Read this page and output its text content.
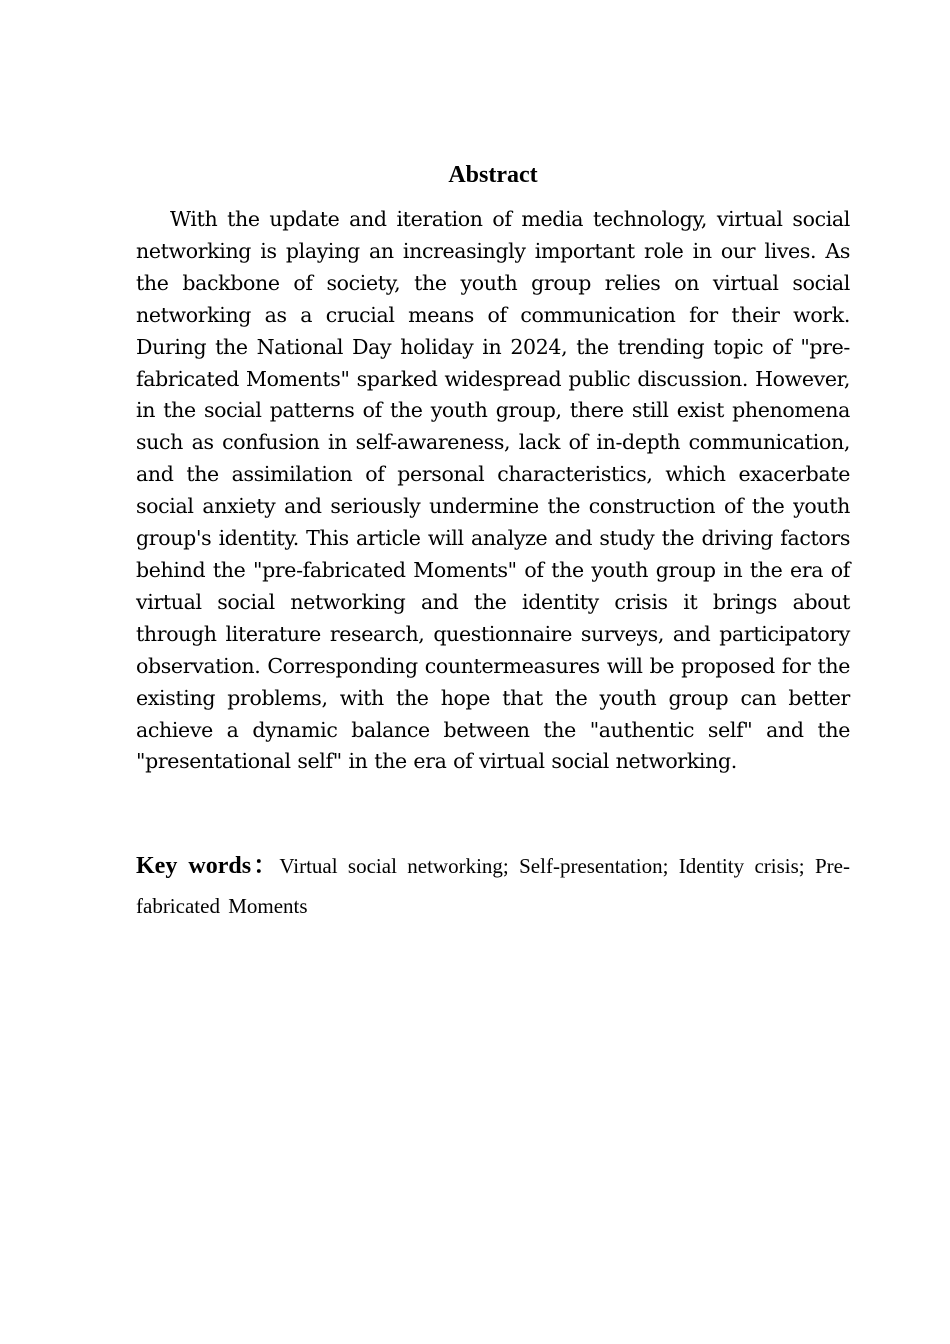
Abstract

With the update and iteration of media technology, virtual social networking is playing an increasingly important role in our lives. As the backbone of society, the youth group relies on virtual social networking as a crucial means of communication for their work. During the National Day holiday in 2024, the trending topic of "pre-fabricated Moments" sparked widespread public discussion. However, in the social patterns of the youth group, there still exist phenomena such as confusion in self-awareness, lack of in-depth communication, and the assimilation of personal characteristics, which exacerbate social anxiety and seriously undermine the construction of the youth group's identity. This article will analyze and study the driving factors behind the "pre-fabricated Moments" of the youth group in the era of virtual social networking and the identity crisis it brings about through literature research, questionnaire surveys, and participatory observation. Corresponding countermeasures will be proposed for the existing problems, with the hope that the youth group can better achieve a dynamic balance between the "authentic self" and the "presentational self" in the era of virtual social networking.

Key words：Virtual social networking; Self-presentation; Identity crisis; Pre-fabricated Moments
